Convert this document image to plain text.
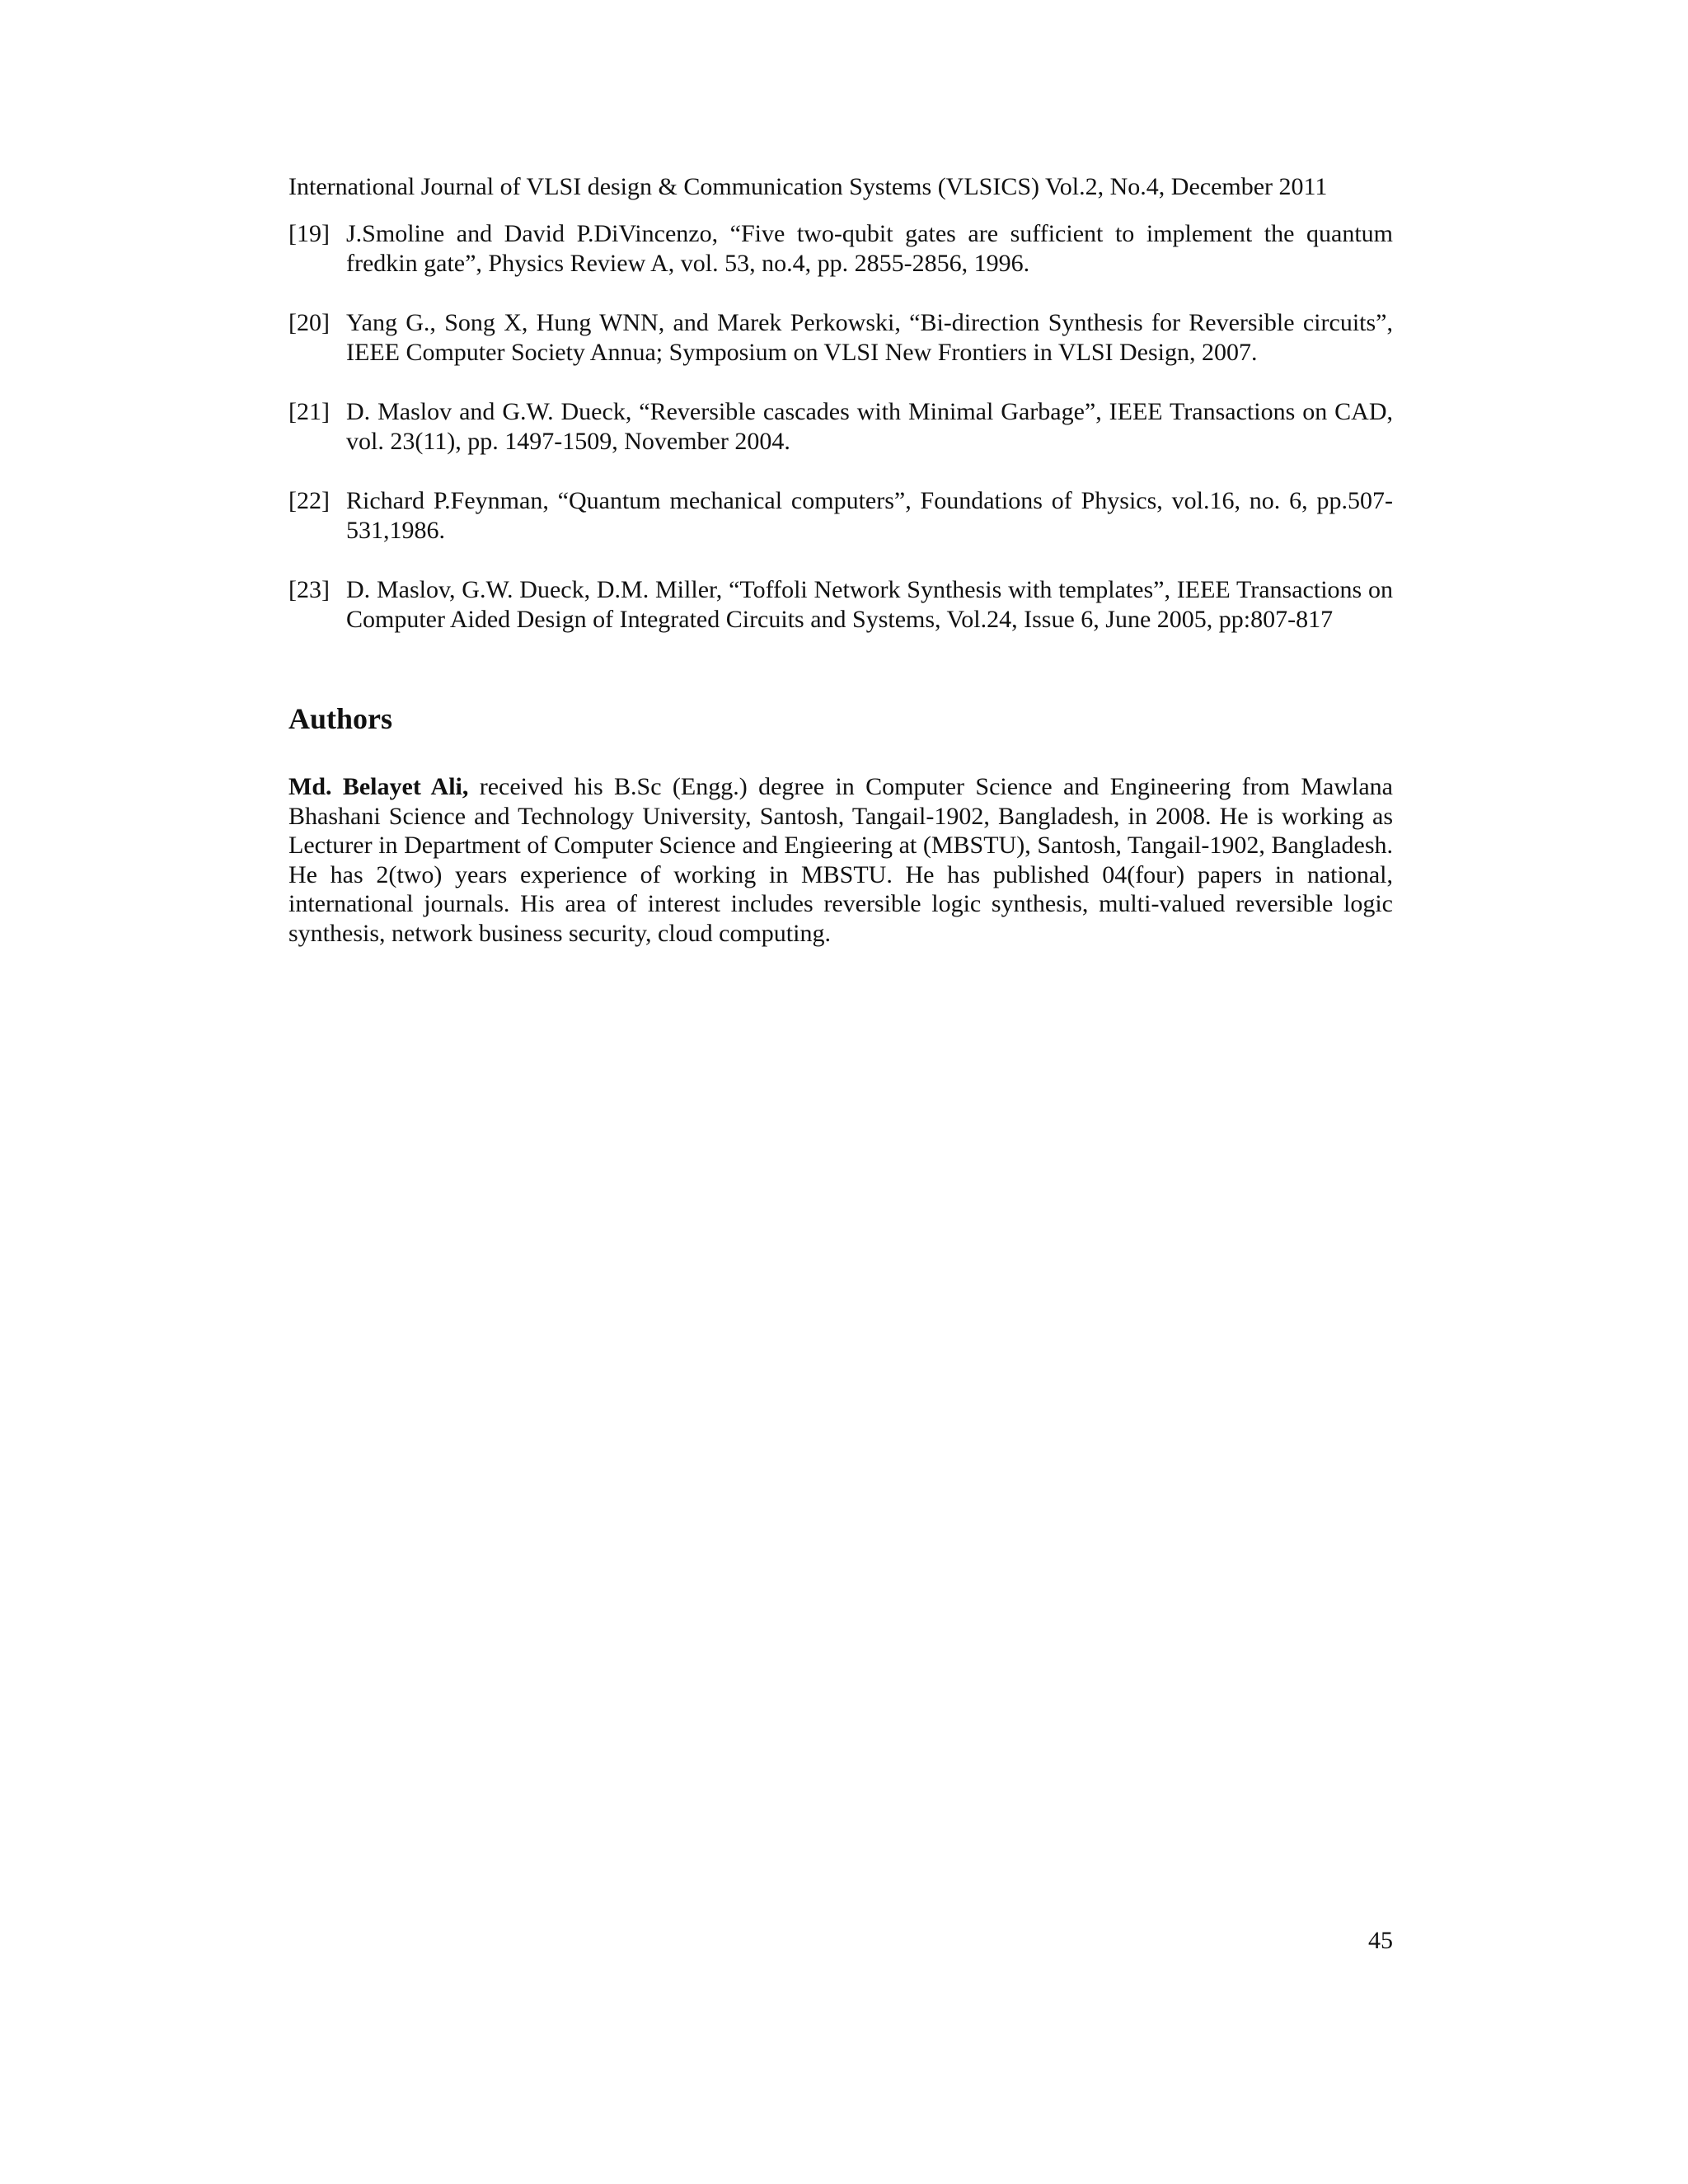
International Journal of VLSI design & Communication Systems (VLSICS) Vol.2, No.4, December 2011
[19] J.Smoline and David P.DiVincenzo, “Five two-qubit gates are sufficient to implement the quantum fredkin gate”, Physics Review A, vol. 53, no.4, pp. 2855-2856, 1996.
[20] Yang G., Song X, Hung WNN, and Marek Perkowski, “Bi-direction Synthesis for Reversible circuits”, IEEE Computer Society Annua; Symposium on VLSI New Frontiers in VLSI Design, 2007.
[21] D. Maslov and G.W. Dueck, “Reversible cascades with Minimal Garbage”, IEEE Transactions on CAD, vol. 23(11), pp. 1497-1509, November 2004.
[22] Richard P.Feynman, “Quantum mechanical computers”, Foundations of Physics, vol.16, no. 6, pp.507-531,1986.
[23] D. Maslov, G.W. Dueck, D.M. Miller, “Toffoli Network Synthesis with templates”, IEEE Transactions on Computer Aided Design of Integrated Circuits and Systems, Vol.24, Issue 6, June 2005, pp:807-817
Authors

Md. Belayet Ali, received his B.Sc (Engg.) degree in Computer Science and Engineering from Mawlana Bhashani Science and Technology University, Santosh, Tangail-1902, Bangladesh, in 2008. He is working as Lecturer in Department of Computer Science and Engieering at (MBSTU), Santosh, Tangail-1902, Bangladesh. He has 2(two) years experience of working in MBSTU. He has published 04(four) papers in national, international journals. His area of interest includes reversible logic synthesis, multi-valued reversible logic synthesis, network business security, cloud computing.

45
